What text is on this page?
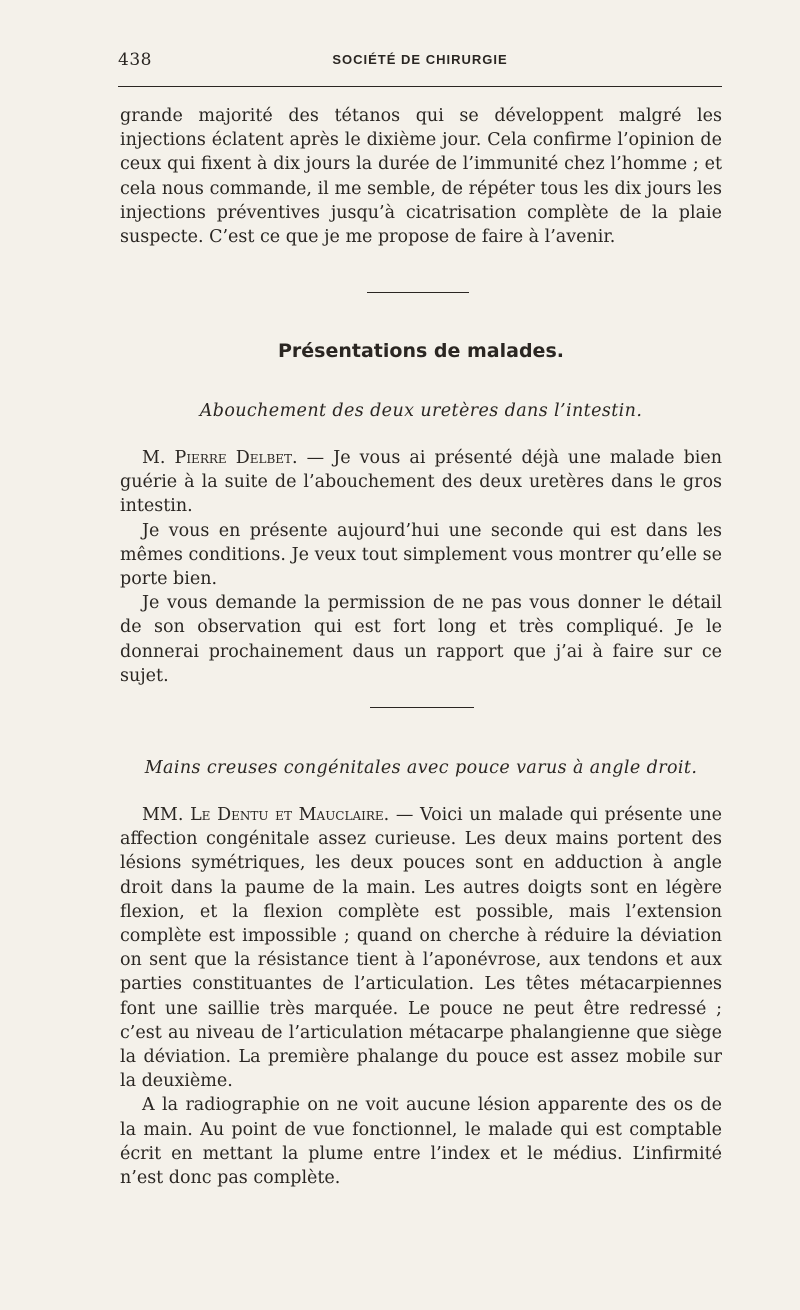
438	SOCIÉTÉ DE CHIRURGIE

grande majorité des tétanos qui se développent malgré les injections éclatent après le dixième jour. Cela confirme l’opinion de ceux qui fixent à dix jours la durée de l’immunité chez l’homme ; et cela nous commande, il me semble, de répéter tous les dix jours les injections préventives jusqu’à cicatrisation complète de la plaie suspecte. C’est ce que je me propose de faire à l’avenir.

Présentations de malades.
Abouchement des deux uretères dans l’intestin.

M. Pierre Delbet. — Je vous ai présenté déjà une malade bien guérie à la suite de l’abouchement des deux uretères dans le gros intestin.

Je vous en présente aujourd’hui une seconde qui est dans les mêmes conditions. Je veux tout simplement vous montrer qu’elle se porte bien.

Je vous demande la permission de ne pas vous donner le détail de son observation qui est fort long et très compliqué. Je le donnerai prochainement daus un rapport que j’ai à faire sur ce sujet.

Mains creuses congénitales avec pouce varus à angle droit.

MM. Le Dentu et Mauclaire. — Voici un malade qui présente une affection congénitale assez curieuse. Les deux mains portent des lésions symétriques, les deux pouces sont en adduction à angle droit dans la paume de la main. Les autres doigts sont en légère flexion, et la flexion complète est possible, mais l’extension complète est impossible ; quand on cherche à réduire la déviation on sent que la résistance tient à l’aponévrose, aux tendons et aux parties constituantes de l’articulation. Les têtes métacarpiennes font une saillie très marquée. Le pouce ne peut être redressé ; c’est au niveau de l’articulation métacarpe phalangienne que siège la déviation. La première phalange du pouce est assez mobile sur la deuxième.

A la radiographie on ne voit aucune lésion apparente des os de la main. Au point de vue fonctionnel, le malade qui est comptable écrit en mettant la plume entre l’index et le médius. L’infirmité n’est donc pas complète.
